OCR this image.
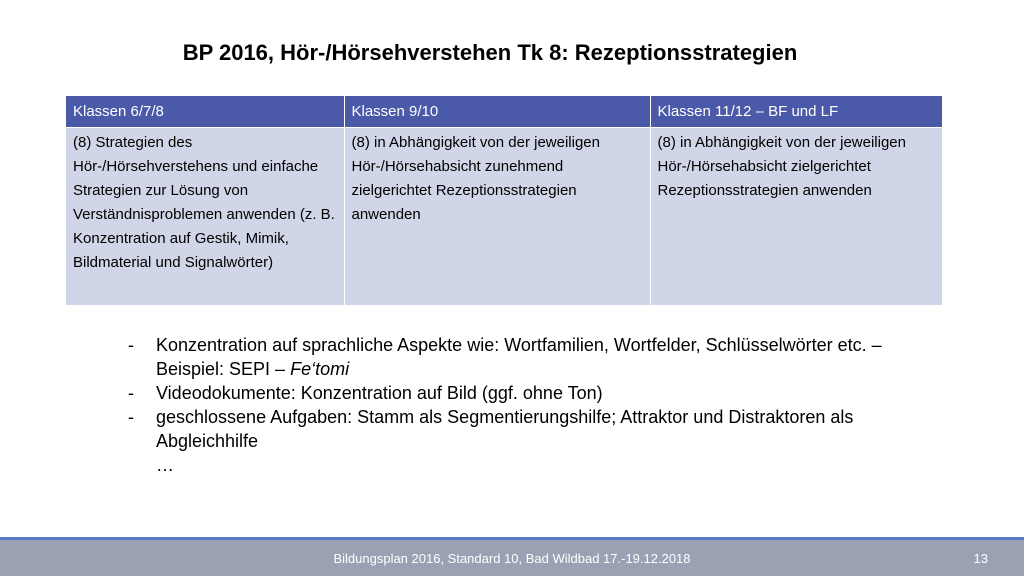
BP 2016, Hör-/Hörsehverstehen Tk 8: Rezeptionsstrategien
Klassen 6/7/8	Klassen 9/10	Klassen 11/12 – BF und LF
(8) Strategien des Hör-/Hörsehverstehens und einfache Strategien zur Lösung von Verständnisproblemen anwenden (z. B. Konzentration auf Gestik, Mimik, Bildmaterial und Signalwörter)	(8) in Abhängigkeit von der jeweiligen Hör-/Hörsehabsicht zunehmend zielgerichtet Rezeptionsstrategien anwenden	(8) in Abhängigkeit von der jeweiligen Hör-/Hörsehabsicht zielgerichtet Rezeptionsstrategien anwenden
-	Konzentration auf sprachliche Aspekte wie: Wortfamilien, Wortfelder, Schlüsselwörter etc. – Beispiel: SEPI – Fe‘tomi
-	Videodokumente: Konzentration auf Bild (ggf. ohne Ton)
-	geschlossene Aufgaben: Stamm als Segmentierungshilfe; Attraktor und Distraktoren als Abgleichhilfe
…
Bildungsplan 2016, Standard 10, Bad Wildbad 17.-19.12.2018	13
